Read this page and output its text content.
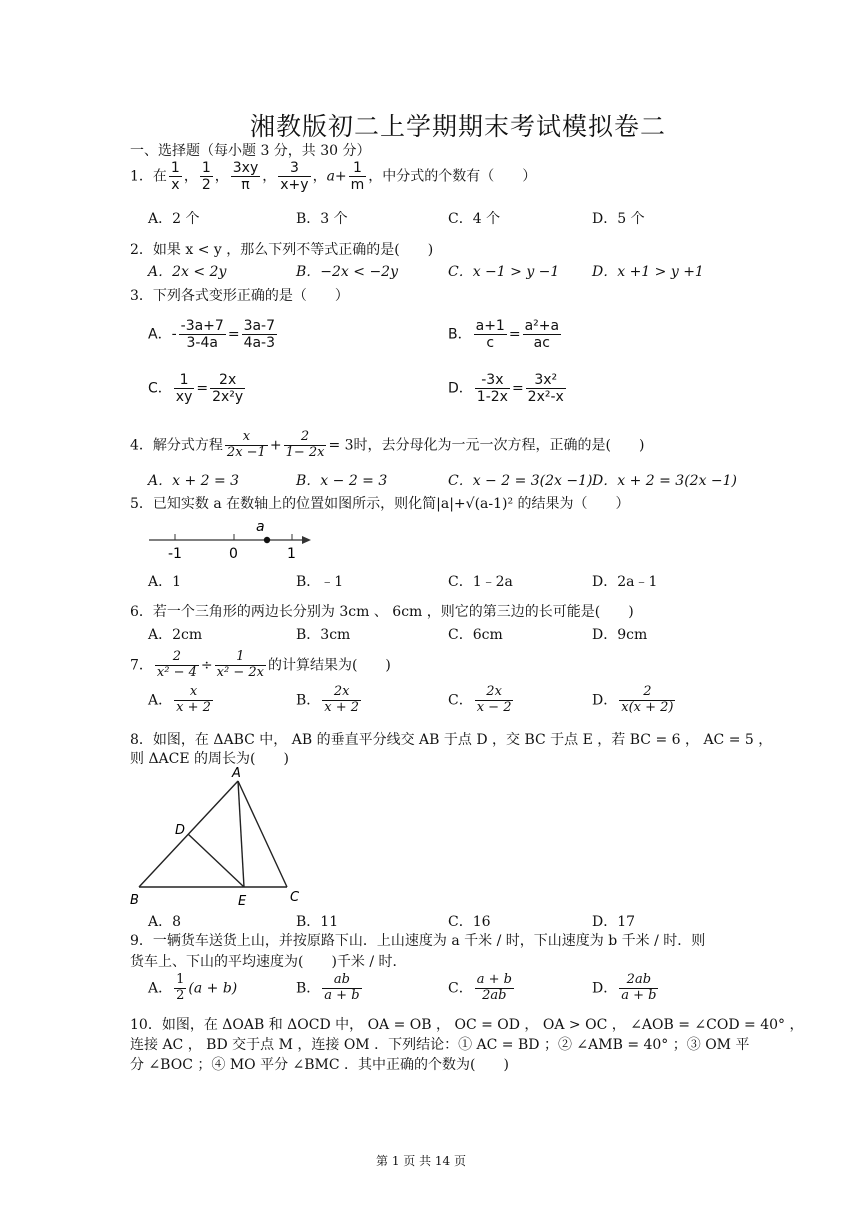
湘教版初二上学期期末考试模拟卷二
一、选择题（每小题 3 分，共 30 分）
1．在 $\frac{1}{x}$ ， $\frac{1}{2}$ ， $\frac{3xy}{\pi}$ ， $\frac{3}{x+y}$ ，$a+ \frac{1}{m}$ ，中分式的个数有（　　）
A．2 个	B．3 个	C．4 个	D．5 个
2．如果 x < y ，那么下列不等式正确的是(　　)
A．2x < 2y	B．−2x < −2y	C．x −1 > y −1 D．x +1 > y +1
3．下列各式变形正确的是（　　）
A．- $\frac{-3a+7}{3-4a} = \frac{3a-7}{4a-3}$	B． $\frac{a+1}{c} = \frac{\text{a²+a}}{ac}$
C． $\frac{1}{xy} = \frac{2x}{\text{2x²y}}$	D． $\frac{-3x}{1-2x} = \frac{\text{3x²}}{\text{2x²-x}}$
4．解分式方程 $\frac{x}{2x -1} + \frac{2}{1- 2x} = 3$时，去分母化为一元一次方程，正确的是(　　)
A．x + 2 = 3	B．x − 2 = 3	C．x − 2 = 3(2x −1) D．x + 2 = 3(2x −1)
5．已知实数 a 在数轴上的位置如图所示，则化简|a|+√(a-1)² 的结果为（　　）
-1	0	1
a
A．1	B．﹣1	C．1﹣2a	D．2a﹣1
6．若一个三角形的两边长分别为 3cm 、 6cm ，则它的第三边的长可能是(　　)
A．2cm	B．3cm	C．6cm	D．9cm
7． $\frac{2}{\text{x² − 4}} \div \frac{1}{\text{x² − 2x}}$ 的计算结果为(　　)
A． $\frac{x}{x + 2}$	B． $\frac{2x}{x + 2}$	C． $\frac{2x}{x - 2}$	D． $\frac{2}{x(x + 2)}$
8．如图，在 ΔABC 中， AB 的垂直平分线交 AB 于点 D ，交 BC 于点 E ，若 BC = 6 ， AC = 5 ，
则 ΔACE 的周长为(　　)
A
D
B	E	C
A．8	B．11	C．16	D．17
9．一辆货车送货上山，并按原路下山．上山速度为 a 千米 / 时，下山速度为 b 千米 / 时．则
货车上、下山的平均速度为(　　)千米 / 时．
A． $\frac{1}{2} (a + b)$	B． $\frac{ab}{a + b}$	C． $\frac{a + b}{2ab}$	D． $\frac{2ab}{a + b}$
10．如图，在 ΔOAB 和 ΔOCD 中， OA = OB ， OC = OD ， OA > OC ， ∠AOB = ∠COD = 40° ，
连接 AC ， BD 交于点 M ，连接 OM ．下列结论：① AC = BD ；② ∠AMB = 40° ；③ OM 平
分 ∠BOC ；④ MO 平分 ∠BMC ．其中正确的个数为(　　)
第 1 页 共 14 页
